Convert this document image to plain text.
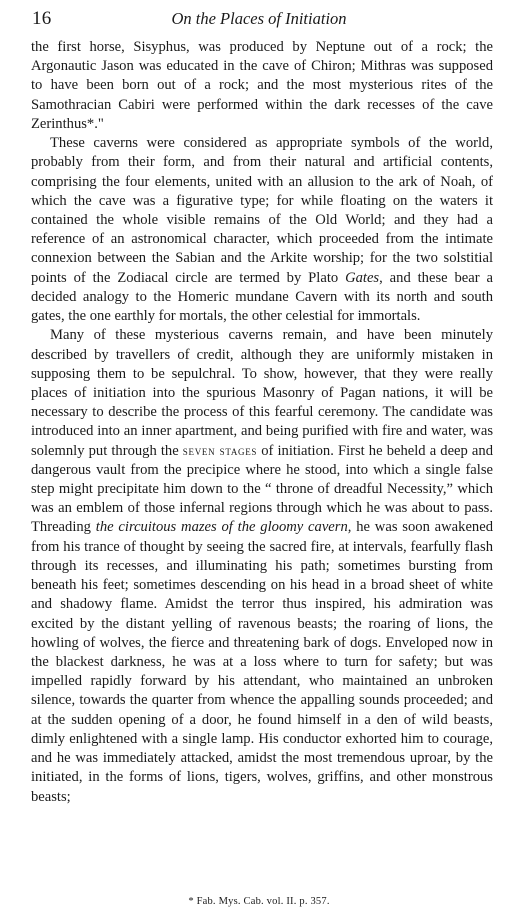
16	On the Places of Initiation

the first horse, Sisyphus, was produced by Neptune out of a rock; the Argonautic Jason was educated in the cave of Chiron; Mithras was supposed to have been born out of a rock; and the most mysterious rites of the Samothracian Cabiri were performed within the dark recesses of the cave Zerinthus*."

These caverns were considered as appropriate symbols of the world, probably from their form, and from their natural and artificial contents, comprising the four elements, united with an allusion to the ark of Noah, of which the cave was a figurative type; for while floating on the waters it contained the whole visible remains of the Old World; and they had a reference of an astronomical character, which proceeded from the intimate connexion between the Sabian and the Arkite worship; for the two solstitial points of the Zodiacal circle are termed by Plato Gates, and these bear a decided analogy to the Homeric mundane Cavern with its north and south gates, the one earthly for mortals, the other celestial for immortals.

Many of these mysterious caverns remain, and have been minutely described by travellers of credit, although they are uniformly mistaken in supposing them to be sepulchral. To show, however, that they were really places of initiation into the spurious Masonry of Pagan nations, it will be necessary to describe the process of this fearful ceremony. The candidate was introduced into an inner apartment, and being purified with fire and water, was solemnly put through the seven stages of initiation. First he beheld a deep and dangerous vault from the precipice where he stood, into which a single false step might precipitate him down to the “ throne of dreadful Necessity,” which was an emblem of those infernal regions through which he was about to pass. Threading the circuitous mazes of the gloomy cavern, he was soon awakened from his trance of thought by seeing the sacred fire, at intervals, fearfully flash through its recesses, and illuminating his path; sometimes bursting from beneath his feet; sometimes descending on his head in a broad sheet of white and shadowy flame. Amidst the terror thus inspired, his admiration was excited by the distant yelling of ravenous beasts; the roaring of lions, the howling of wolves, the fierce and threatening bark of dogs. Enveloped now in the blackest darkness, he was at a loss where to turn for safety; but was impelled rapidly forward by his attendant, who maintained an unbroken silence, towards the quarter from whence the appalling sounds proceeded; and at the sudden opening of a door, he found himself in a den of wild beasts, dimly enlightened with a single lamp. His conductor exhorted him to courage, and he was immediately attacked, amidst the most tremendous uproar, by the initiated, in the forms of lions, tigers, wolves, griffins, and other monstrous beasts;

* Fab. Mys. Cab. vol. II. p. 357.
